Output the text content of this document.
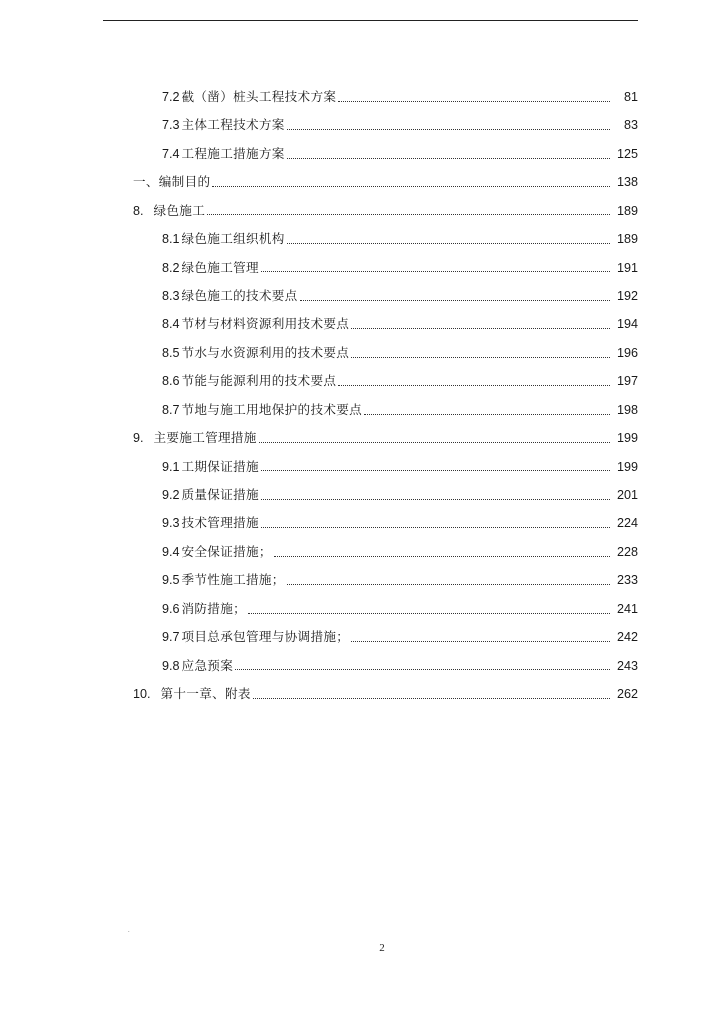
7.2 截（凿）桩头工程技术方案	81
7.3 主体工程技术方案	83
7.4 工程施工措施方案	125
一、编制目的	138
8. 绿色施工	189
8.1 绿色施工组织机构	189
8.2 绿色施工管理	191
8.3 绿色施工的技术要点	192
8.4 节材与材料资源利用技术要点	194
8.5 节水与水资源利用的技术要点	196
8.6 节能与能源利用的技术要点	197
8.7 节地与施工用地保护的技术要点	198
9. 主要施工管理措施	199
9.1 工期保证措施	199
9.2 质量保证措施	201
9.3 技术管理措施	224
9.4 安全保证措施；	228
9.5 季节性施工措施；	233
9.6 消防措施；	241
9.7 项目总承包管理与协调措施；	242
9.8 应急预案	243
10. 第十一章、附表	262
.
2
